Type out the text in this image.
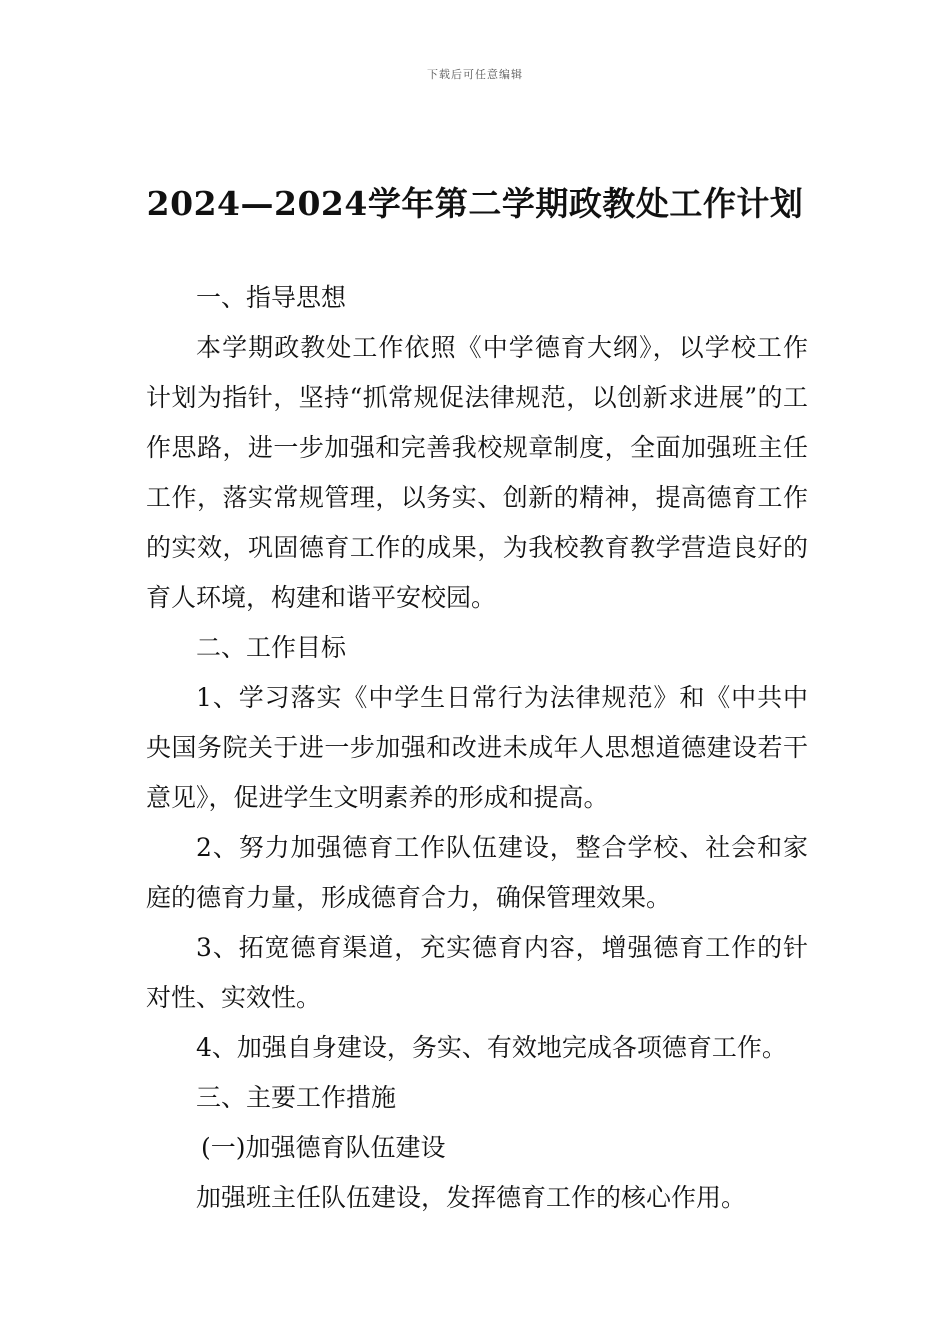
下载后可任意编辑
2024—2024学年第二学期政教处工作计划

一、指导思想

本学期政教处工作依照《中学德育大纲》，以学校工作计划为指针，坚持“抓常规促法律规范，以创新求进展”的工作思路，进一步加强和完善我校规章制度，全面加强班主任工作，落实常规管理，以务实、创新的精神，提高德育工作的实效，巩固德育工作的成果，为我校教育教学营造良好的育人环境，构建和谐平安校园。

二、工作目标

1、学习落实《中学生日常行为法律规范》和《中共中央国务院关于进一步加强和改进未成年人思想道德建设若干意见》，促进学生文明素养的形成和提高。

2、努力加强德育工作队伍建设，整合学校、社会和家庭的德育力量，形成德育合力，确保管理效果。

3、拓宽德育渠道，充实德育内容，增强德育工作的针对性、实效性。

4、加强自身建设，务实、有效地完成各项德育工作。

三、主要工作措施

(一)加强德育队伍建设

加强班主任队伍建设，发挥德育工作的核心作用。
